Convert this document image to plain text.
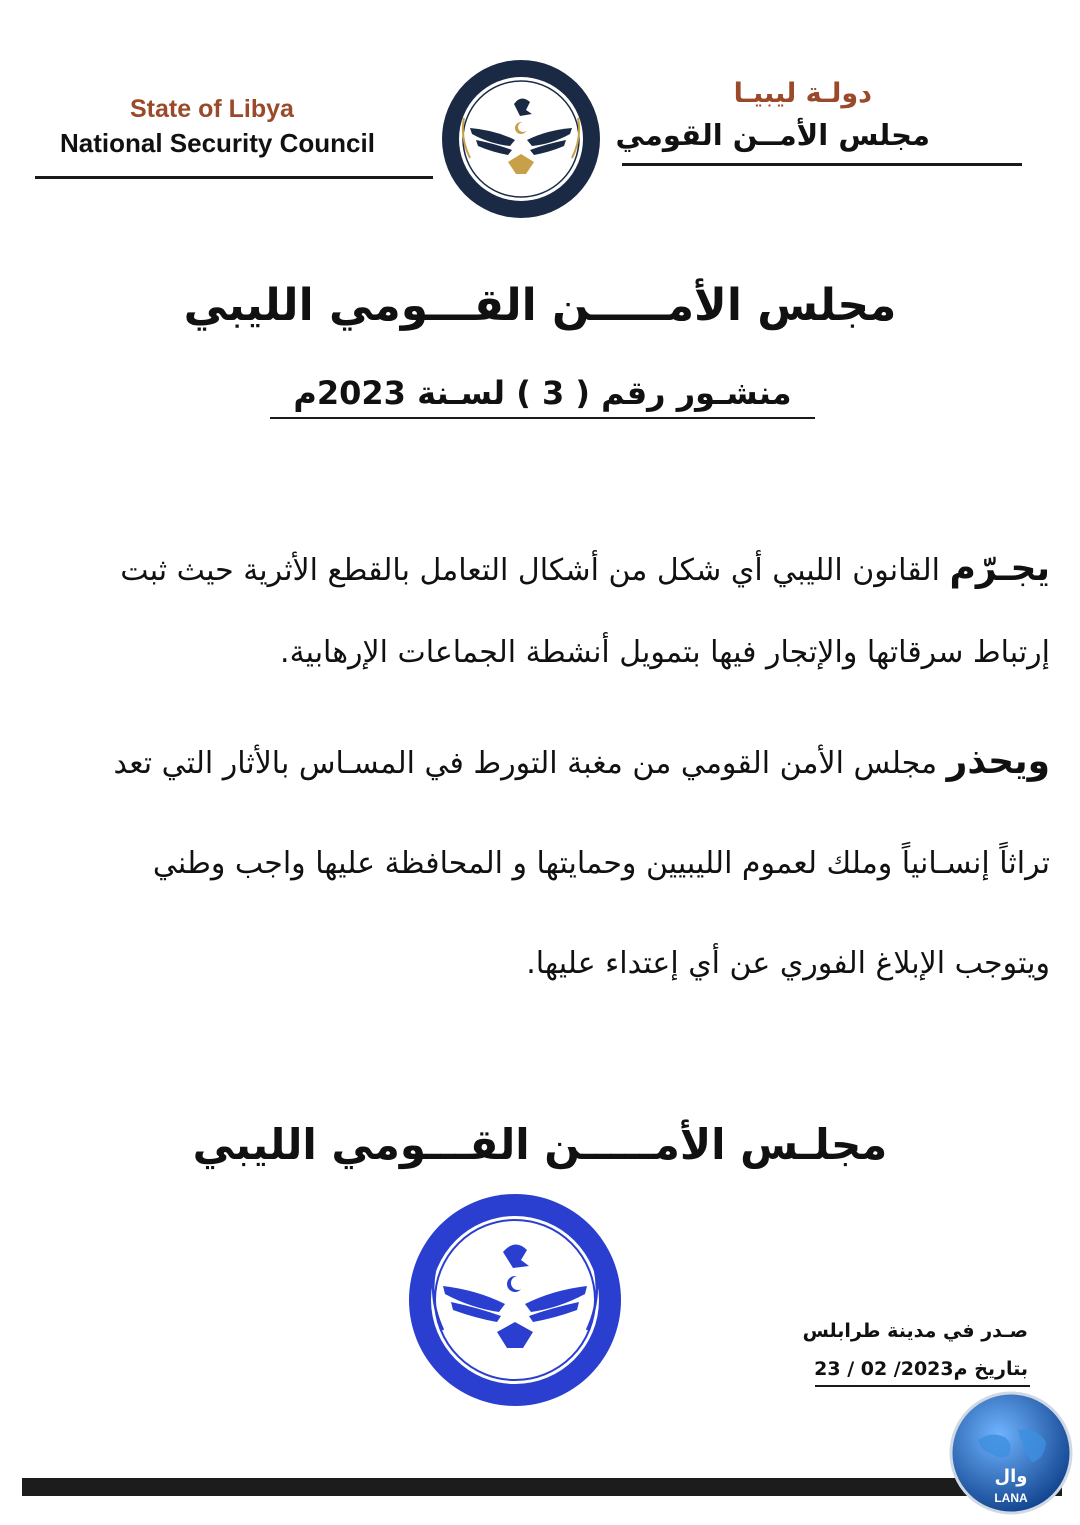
State of Libya
National Security Council
دولـة ليبيـا
مجلس الأمــن القومي
مجلس الأمـــــن القـــومي الليبي
منشـور رقم ( 3 ) لسـنة 2023م
يجـرّم القانون الليبي أي شكل من أشكال التعامل بالقطع الأثرية حيث ثبت إرتباط سرقاتها والإتجار فيها بتمويل أنشطة الجماعات الإرهابية.
ويحذر مجلس الأمن القومي من مغبة التورط في المسـاس بالأثار التي تعد تراثاً إنسـانياً وملك لعموم الليبيين وحمايتها و المحافظة عليها واجب وطني ويتوجب الإبلاغ الفوري عن أي إعتداء عليها.
مجلـس الأمـــــن القـــومي الليبي
صـدر في مدينة طرابلس
بتاريخ 23 / 02 /2023م
وال
LANA
